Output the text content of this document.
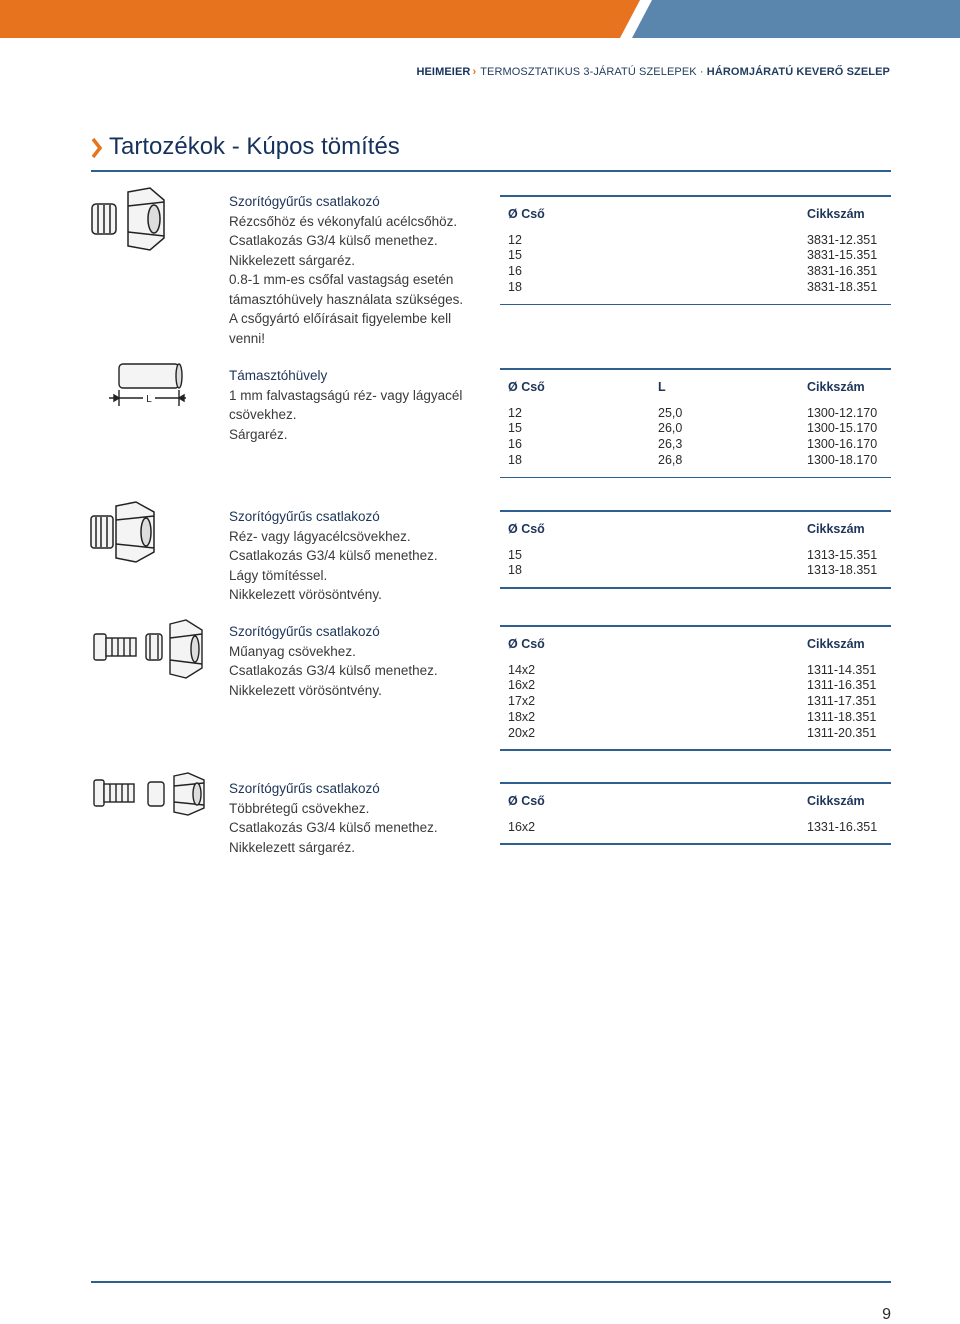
HEIMEIER › TERMOSZTATIKUS 3-JÁRATÚ SZELEPEK · HÁROMJÁRATÚ KEVERŐ SZELEP
Tartozékok - Kúpos tömítés
Szorítógyűrűs csatlakozó
Rézcsőhöz és vékonyfalú acélcsőhöz.
Csatlakozás G3/4 külső menethez.
Nikkelezett sárgaréz.
0.8-1 mm-es csőfal vastagság esetén
támasztóhüvely használata szükséges.
A csőgyártó előírásait figyelembe kell
venni!
Ø Cső	Cikkszám
12	3831-12.351
15	3831-15.351
16	3831-16.351
18	3831-18.351
L
Támasztóhüvely
1 mm falvastagságú réz- vagy lágyacél
csövekhez.
Sárgaréz.
Ø Cső	L	Cikkszám
12	25,0	1300-12.170
15	26,0	1300-15.170
16	26,3	1300-16.170
18	26,8	1300-18.170
Szorítógyűrűs csatlakozó
Réz- vagy lágyacélcsövekhez.
Csatlakozás G3/4 külső menethez.
Lágy tömítéssel.
Nikkelezett vörösöntvény.
Ø Cső	Cikkszám
15	1313-15.351
18	1313-18.351
Szorítógyűrűs csatlakozó
Műanyag csövekhez.
Csatlakozás G3/4 külső menethez.
Nikkelezett vörösöntvény.
Ø Cső	Cikkszám
14x2	1311-14.351
16x2	1311-16.351
17x2	1311-17.351
18x2	1311-18.351
20x2	1311-20.351
Szorítógyűrűs csatlakozó
Többrétegű csövekhez.
Csatlakozás G3/4 külső menethez.
Nikkelezett sárgaréz.
Ø Cső	Cikkszám
16x2	1331-16.351
9
